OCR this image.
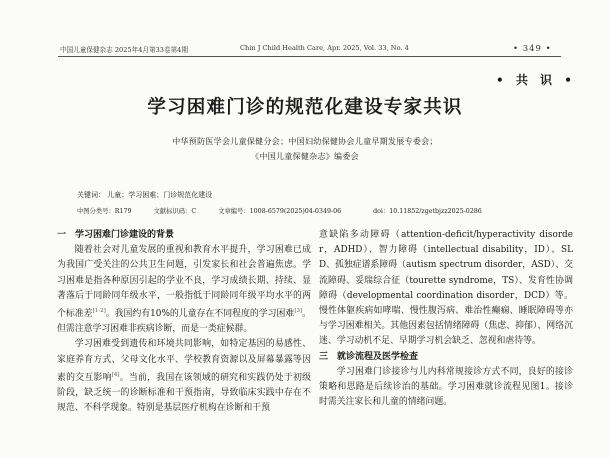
中国儿童保健杂志 2025年4月第33卷第4期	Chin J Child Health Care, Apr. 2025, Vol. 33, No. 4	• 349 •
• 共 识 •
学习困难门诊的规范化建设专家共识
中华预防医学会儿童保健分会；中国妇幼保健协会儿童早期发展专委会；
《中国儿童保健杂志》编委会
关键词： 儿童；学习困难；门诊规范化建设
中图分类号：R179	文献标识码：C	文章编号：1008-6579(2025)04-0349-06	doi：10.11852/zgetbjzz2025-0286
一　学习困难门诊建设的背景

随着社会对儿童发展的重视和教育水平提升，学习困难已成为我国广受关注的公共卫生问题，引发家长和社会普遍焦虑。学习困难是指各种原因引起的学业不良，学习成绩长期、持续、显著落后于同龄同年级水平，一般指低于同龄同年级平均水平的两个标准差[1-2]。我国约有10%的儿童存在不同程度的学习困难[3]。但需注意学习困难非疾病诊断，而是一类症候群。

学习困难受到遗传和环境共同影响，如特定基因的易感性、家庭养育方式、父母文化水平、学校教育资源以及屏幕暴露等因素的交互影响[4]。当前，我国在该领域的研究和实践仍处于初级阶段，缺乏统一的诊断标准和干预指南，导致临床实践中存在不规范、不科学现象。特别是基层医疗机构在诊断和干预

意缺陷多动障碍（attention-deficit/hyperactivity disorder，ADHD）、智力障碍（intellectual disability，ID）、SLD、孤独症谱系障碍（autism spectrum disorder，ASD）、交流障碍、妥瑞综合征（tourette syndrome，TS）、发育性协调障碍（developmental coordination disorder，DCD）等。慢性体躯疾病如哮喘、慢性腹泻病、难治性癫痫、睡眠障碍等亦与学习困难相关。其他因素包括情绪障碍（焦虑、抑郁）、网络沉迷、学习动机不足、早期学习机会缺乏、忽视和虐待等。

三　就诊流程及医学检查

学习困难门诊接诊与儿内科常规接诊方式不同，良好的接诊策略和思路是后续诊治的基础。学习困难就诊流程见图1。接诊时需关注家长和儿童的情绪问题。
